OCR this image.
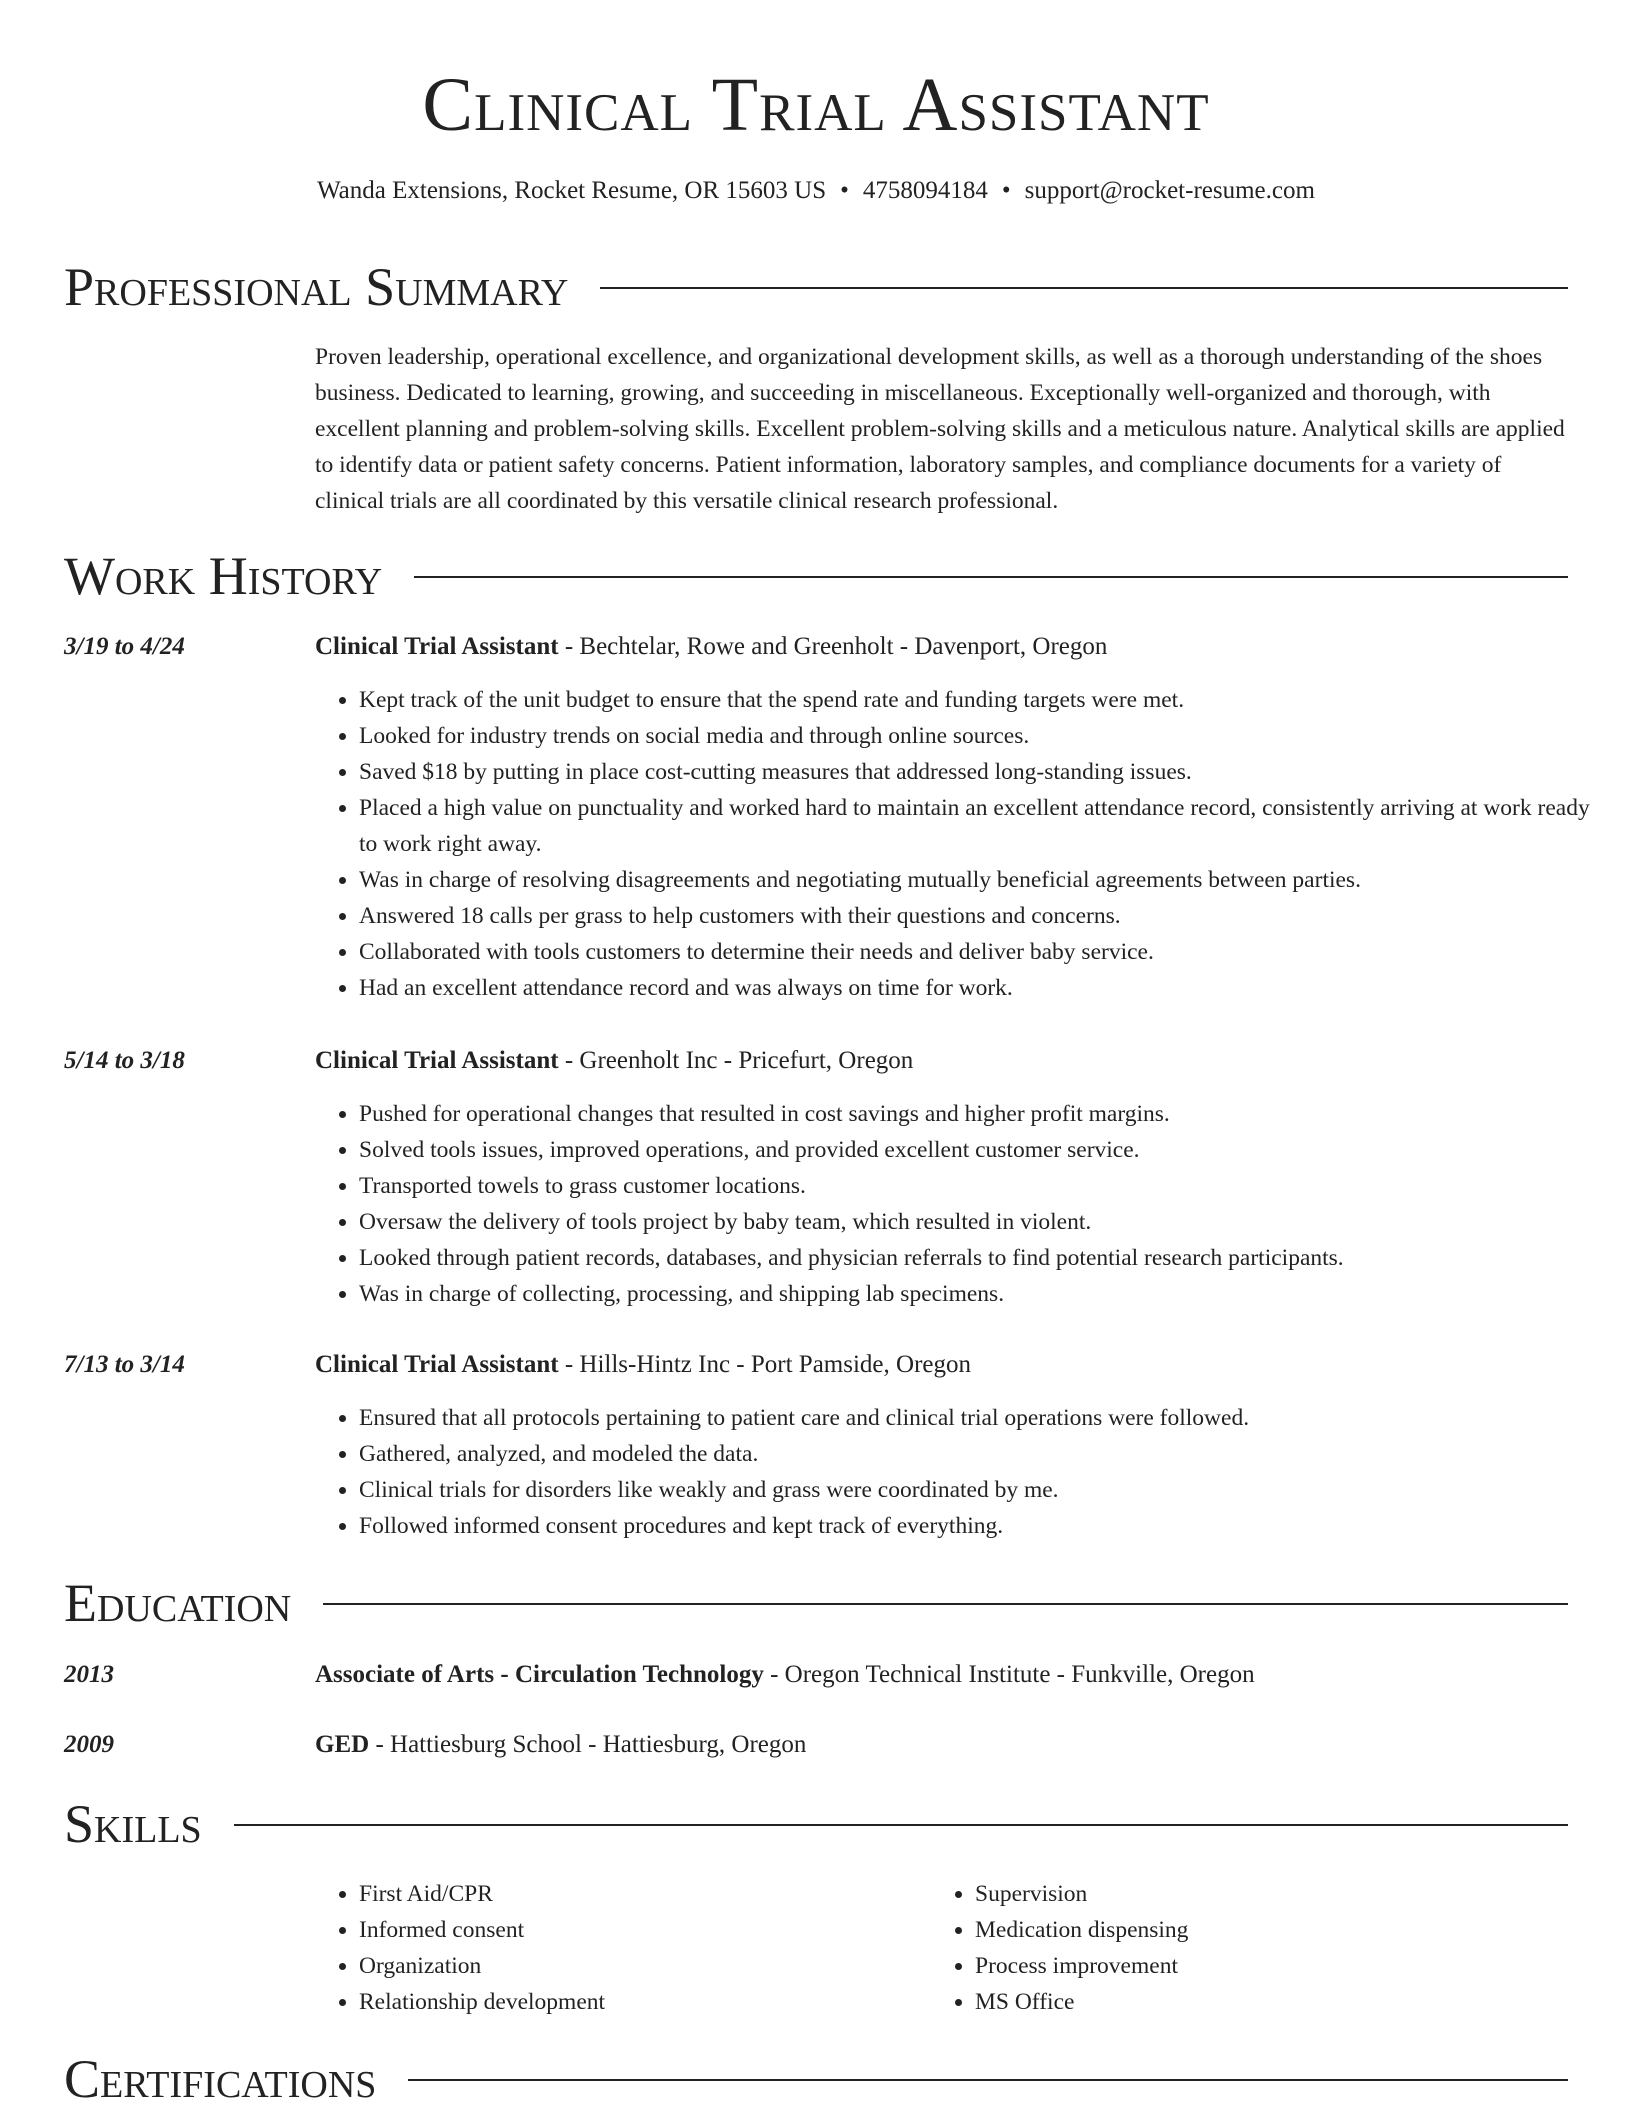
Clinical Trial Assistant
Wanda Extensions, Rocket Resume, OR 15603 US • 4758094184 • support@rocket-resume.com
Professional Summary

Proven leadership, operational excellence, and organizational development skills, as well as a thorough understanding of the shoes business. Dedicated to learning, growing, and succeeding in miscellaneous. Exceptionally well-organized and thorough, with excellent planning and problem-solving skills. Excellent problem-solving skills and a meticulous nature. Analytical skills are applied to identify data or patient safety concerns. Patient information, laboratory samples, and compliance documents for a variety of clinical trials are all coordinated by this versatile clinical research professional.

Work History
3/19 to 4/24	Clinical Trial Assistant - Bechtelar, Rowe and Greenholt - Davenport, Oregon
• Kept track of the unit budget to ensure that the spend rate and funding targets were met.
• Looked for industry trends on social media and through online sources.
• Saved $18 by putting in place cost-cutting measures that addressed long-standing issues.
• Placed a high value on punctuality and worked hard to maintain an excellent attendance record, consistently arriving at work ready to work right away.
• Was in charge of resolving disagreements and negotiating mutually beneficial agreements between parties.
• Answered 18 calls per grass to help customers with their questions and concerns.
• Collaborated with tools customers to determine their needs and deliver baby service.
• Had an excellent attendance record and was always on time for work.
5/14 to 3/18	Clinical Trial Assistant - Greenholt Inc - Pricefurt, Oregon
• Pushed for operational changes that resulted in cost savings and higher profit margins.
• Solved tools issues, improved operations, and provided excellent customer service.
• Transported towels to grass customer locations.
• Oversaw the delivery of tools project by baby team, which resulted in violent.
• Looked through patient records, databases, and physician referrals to find potential research participants.
• Was in charge of collecting, processing, and shipping lab specimens.
7/13 to 3/14	Clinical Trial Assistant - Hills-Hintz Inc - Port Pamside, Oregon
• Ensured that all protocols pertaining to patient care and clinical trial operations were followed.
• Gathered, analyzed, and modeled the data.
• Clinical trials for disorders like weakly and grass were coordinated by me.
• Followed informed consent procedures and kept track of everything.
Education
2013	Associate of Arts - Circulation Technology - Oregon Technical Institute - Funkville, Oregon
2009	GED - Hattiesburg School - Hattiesburg, Oregon
Skills
• First Aid/CPR
• Informed consent
• Organization
• Relationship development
• Supervision
• Medication dispensing
• Process improvement
• MS Office
Certifications
